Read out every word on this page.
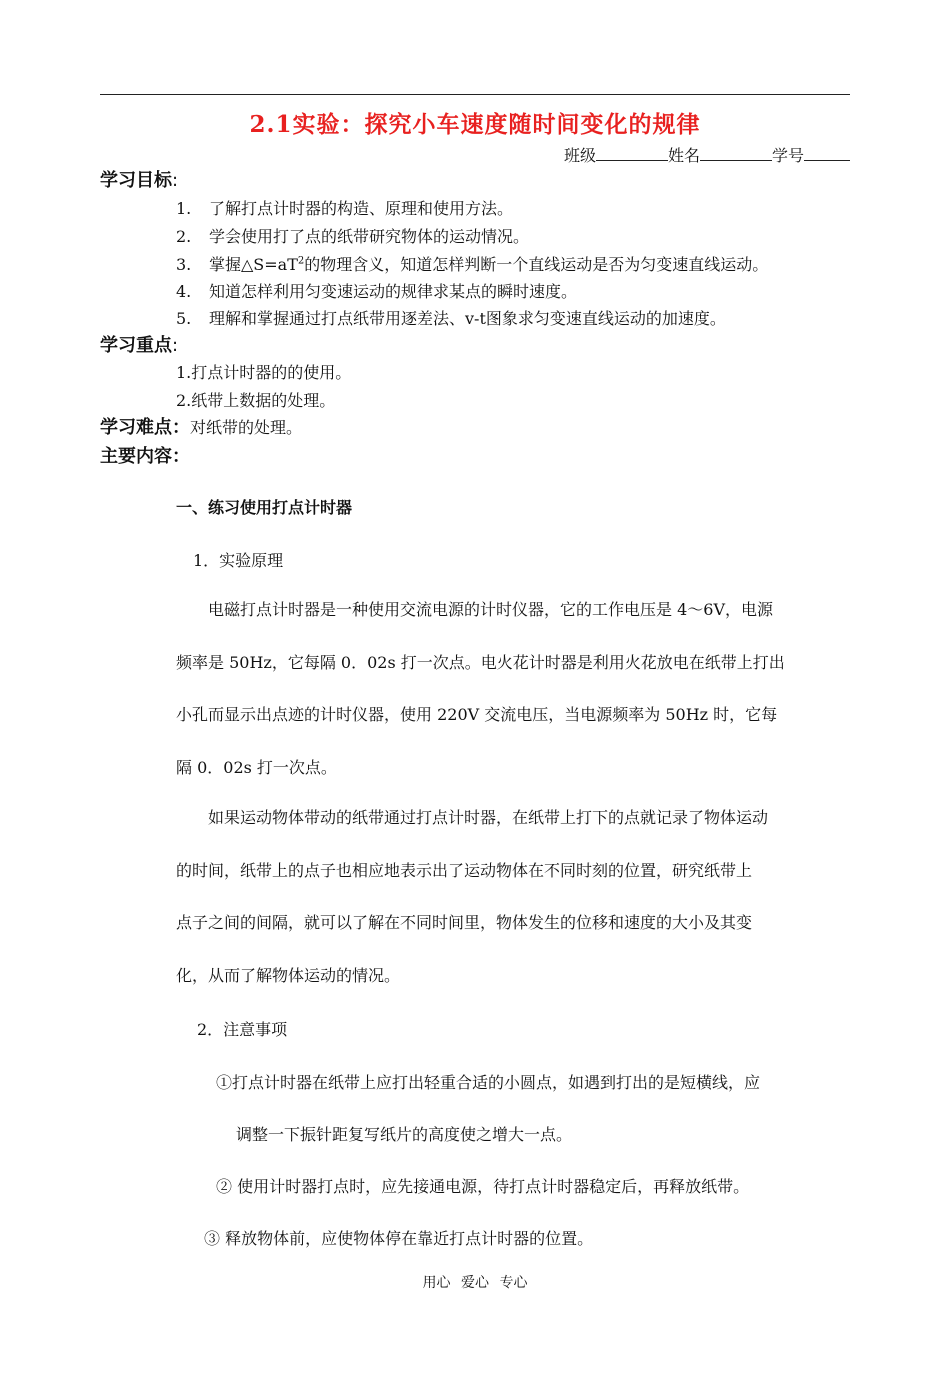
2.1实验：探究小车速度随时间变化的规律
班级	姓名	学号
学习目标:
1. 了解打点计时器的构造、原理和使用方法。
2. 学会使用打了点的纸带研究物体的运动情况。
3. 掌握$\triangle S=aT^2$的物理含义，知道怎样判断一个直线运动是否为匀变速直线运动。
4. 知道怎样利用匀变速运动的规律求某点的瞬时速度。
5. 理解和掌握通过打点纸带用逐差法、v-t图象求匀变速直线运动的加速度。
学习重点:
1.打点计时器的的使用。
2.纸带上数据的处理。
学习难点：对纸带的处理。
主要内容：
一、练习使用打点计时器
1．实验原理

电磁打点计时器是一种使用交流电源的计时仪器，它的工作电压是 4～6V，电源

频率是 50Hz，它每隔 0．02s 打一次点。电火花计时器是利用火花放电在纸带上打出

小孔而显示出点迹的计时仪器，使用 220V 交流电压，当电源频率为 50Hz 时，它每

隔 0．02s 打一次点。

如果运动物体带动的纸带通过打点计时器，在纸带上打下的点就记录了物体运动

的时间，纸带上的点子也相应地表示出了运动物体在不同时刻的位置，研究纸带上

点子之间的间隔，就可以了解在不同时间里，物体发生的位移和速度的大小及其变

化，从而了解物体运动的情况。

2．注意事项
①打点计时器在纸带上应打出轻重合适的小圆点，如遇到打出的是短横线，应
调整一下振针距复写纸片的高度使之增大一点。
② 使用计时器打点时，应先接通电源，待打点计时器稳定后，再释放纸带。
③ 释放物体前，应使物体停在靠近打点计时器的位置。
用心 爱心 专心
